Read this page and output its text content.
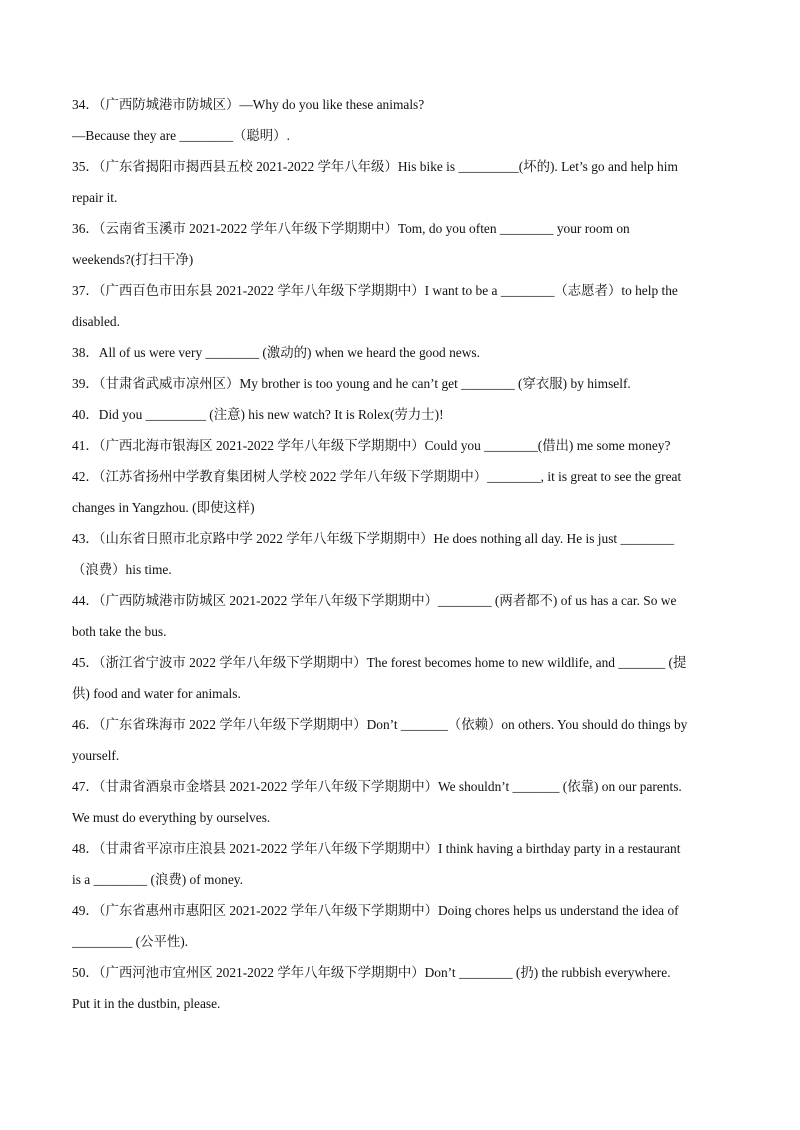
34．（广西防城港市防城区）—Why do you like these animals?
—Because they are ________（聪明）.
35．（广东省揭阳市揭西县五校 2021-2022 学年八年级）His bike is _________(坏的). Let’s go and help him
repair it.
36．（云南省玉溪市 2021-2022 学年八年级下学期期中）Tom, do you often ________ your room on
weekends?(打扫干净)
37．（广西百色市田东县 2021-2022 学年八年级下学期期中）I want to be a ________（志愿者）to help the
disabled.
38．All of us were very ________ (激动的) when we heard the good news.
39．（甘肃省武威市凉州区）My brother is too young and he can’t get ________ (穿衣服) by himself.
40．Did you _________ (注意) his new watch? It is Rolex(劳力士)!
41．（广西北海市银海区 2021-2022 学年八年级下学期期中）Could you ________(借出) me some money?
42．（江苏省扬州中学教育集团树人学校 2022 学年八年级下学期期中）________, it is great to see the great
changes in Yangzhou. (即使这样)
43．（山东省日照市北京路中学 2022 学年八年级下学期期中）He does nothing all day. He is just ________
（浪费）his time.
44．（广西防城港市防城区 2021-2022 学年八年级下学期期中）________ (两者都不) of us has a car. So we
both take the bus.
45．（浙江省宁波市 2022 学年八年级下学期期中）The forest becomes home to new wildlife, and _______ (提
供) food and water for animals.
46．（广东省珠海市 2022 学年八年级下学期期中）Don’t _______（依赖）on others. You should do things by
yourself.
47．（甘肃省酒泉市金塔县 2021-2022 学年八年级下学期期中）We shouldn’t _______ (依靠) on our parents.
We must do everything by ourselves.
48．（甘肃省平凉市庄浪县 2021-2022 学年八年级下学期期中）I think having a birthday party in a restaurant
is a ________ (浪费) of money.
49．（广东省惠州市惠阳区 2021-2022 学年八年级下学期期中）Doing chores helps us understand the idea of
_________ (公平性).
50．（广西河池市宜州区 2021-2022 学年八年级下学期期中）Don’t ________ (扔) the rubbish everywhere.
Put it in the dustbin, please.
